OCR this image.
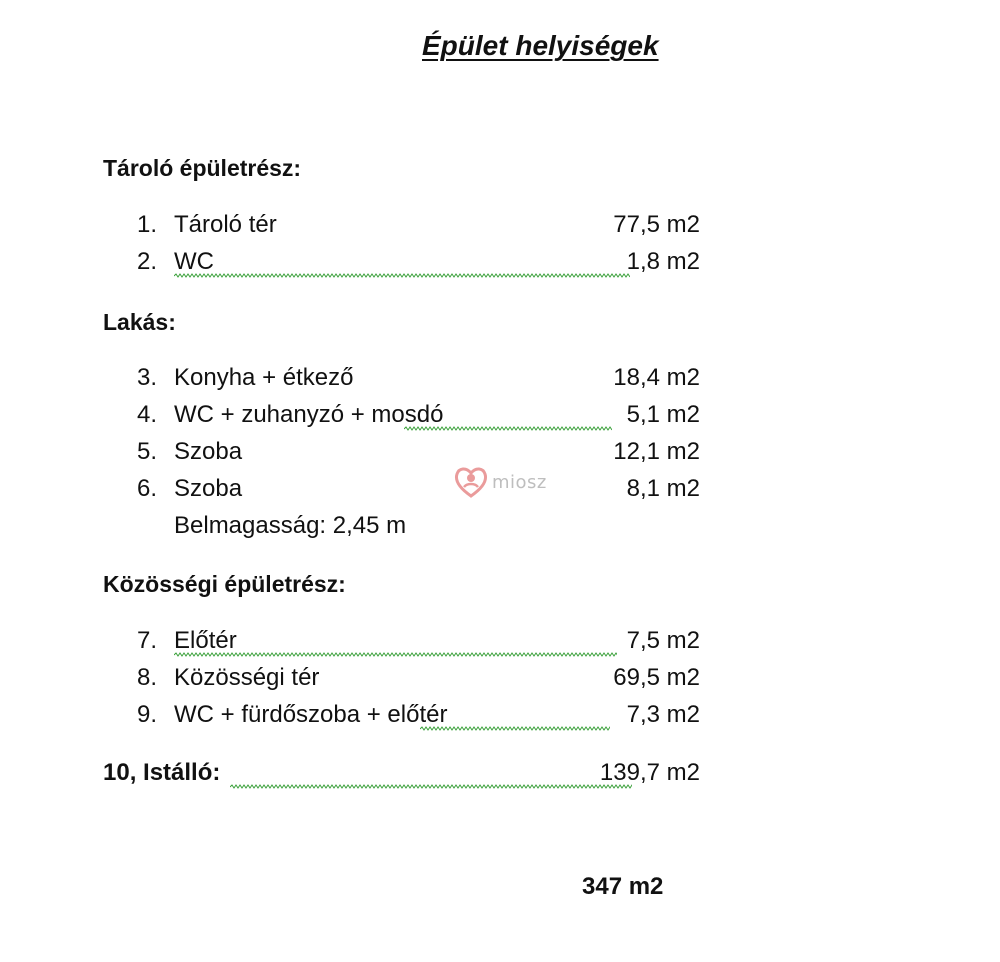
Épület helyiségek
Tároló épületrész:
1. Tároló tér	77,5 m2
2. WC	1,8 m2
Lakás:
3. Konyha + étkező	18,4 m2
4. WC + zuhanyzó + mosdó	5,1 m2
5. Szoba	12,1 m2
6. Szoba	8,1 m2
Belmagasság: 2,45 m
Közösségi épületrész:
7. Előtér	7,5 m2
8. Közösségi tér	69,5 m2
9. WC + fürdőszoba + előtér	7,3 m2
10, Istálló:	139,7 m2
347 m2
miosz
